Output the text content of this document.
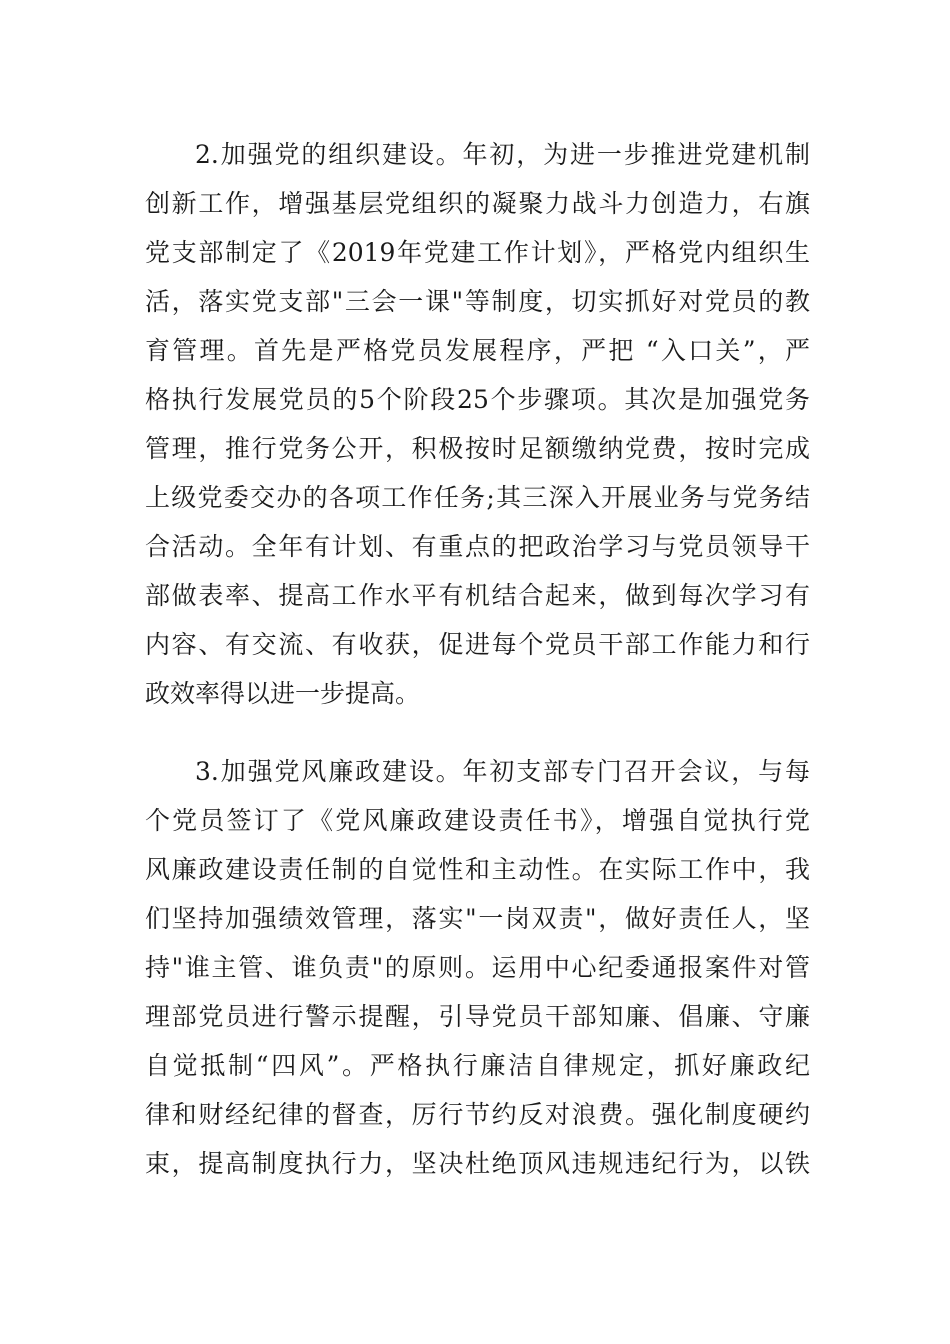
2.加强党的组织建设。年初，为进一步推进党建机制
创新工作，增强基层党组织的凝聚力战斗力创造力，右旗
党支部制定了《2019年党建工作计划》，严格党内组织生
活，落实党支部"三会一课"等制度，切实抓好对党员的教
育管理。首先是严格党员发展程序，严把 “入口关”，严
格执行发展党员的5个阶段25个步骤项。其次是加强党务
管理，推行党务公开，积极按时足额缴纳党费，按时完成
上级党委交办的各项工作任务;其三深入开展业务与党务结
合活动。全年有计划、有重点的把政治学习与党员领导干
部做表率、提高工作水平有机结合起来，做到每次学习有
内容、有交流、有收获，促进每个党员干部工作能力和行
政效率得以进一步提高。
3.加强党风廉政建设。年初支部专门召开会议，与每
个党员签订了《党风廉政建设责任书》，增强自觉执行党
风廉政建设责任制的自觉性和主动性。在实际工作中，我
们坚持加强绩效管理，落实"一岗双责"，做好责任人，坚
持"谁主管、谁负责"的原则。运用中心纪委通报案件对管
理部党员进行警示提醒，引导党员干部知廉、倡廉、守廉
自觉抵制“四风”。严格执行廉洁自律规定，抓好廉政纪
律和财经纪律的督查，厉行节约反对浪费。强化制度硬约
束，提高制度执行力，坚决杜绝顶风违规违纪行为，以铁
